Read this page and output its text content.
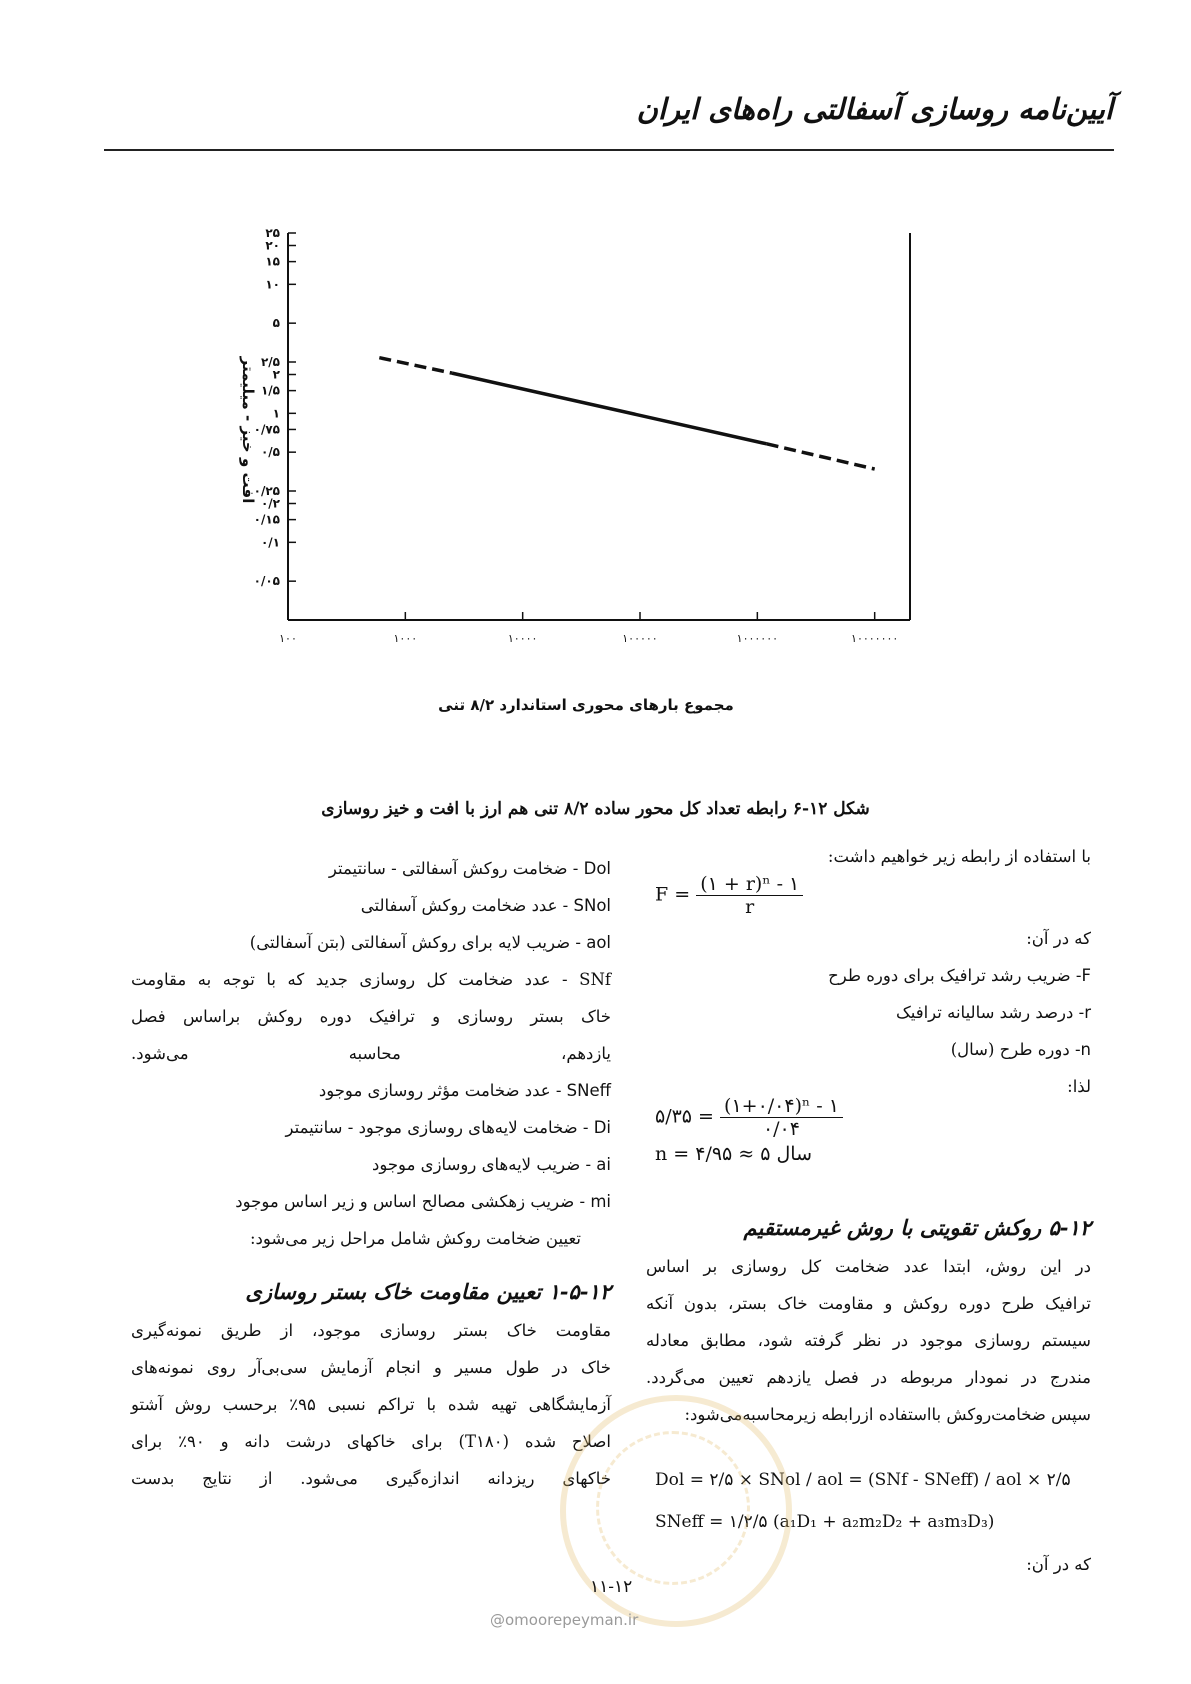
آیین‌نامه روسازی آسفالتی راه‌های ایران
۲۵
۲۰
۱۵
۱۰
۵
۲/۵
۲
۱/۵
۱
۰/۷۵
۰/۵
۰/۲۵
۰/۲
۰/۱۵
۰/۱
۰/۰۵
۱۰۰	۱۰۰۰	۱۰۰۰۰	۱۰۰۰۰۰	۱۰۰۰۰۰۰	۱۰۰۰۰۰۰۰
افت و خیز - میلیمتر
مجموع بارهای محوری استاندارد ۸/۲ تنی
شکل ۱۲-۶ رابطه تعداد کل محور ساده ۸/۲ تنی هم ارز با افت و خیز روسازی

با استفاده از رابطه زیر خواهیم داشت:

$F = \frac{\text{(۱ + r)ⁿ - ۱}}{r}$

که در آن:

F- ضریب رشد ترافیک برای دوره طرح

r- درصد رشد سالیانه ترافیک

n- دوره طرح (سال)

لذا:

۵/۳۵ = $\frac{\text{(۱+۰/۰۴)ⁿ - ۱}}{۰/۰۴}$
n = ۴/۹۵ ≈ ۵ سال

۵-۱۲ روکش تقویتی با روش غیرمستقیم

در این روش، ابتدا عدد ضخامت کل روسازی بر اساس

ترافیک طرح دوره روکش و مقاومت خاک بستر، بدون آنکه

سیستم روسازی موجود در نظر گرفته شود، مطابق معادله

مندرج در نمودار مربوطه در فصل یازدهم تعیین می‌گردد.

سپس ضخامت‌روکش بااستفاده ازرابطه زیرمحاسبه‌می‌شود:

Dol = ۲/۵ × SNol / aol = (SNf - SNeff) / aol × ۲/۵
SNeff = ۱/۲/۵ (a₁D₁ + a₂m₂D₂ + a₃m₃D₃)

که در آن:

Dol - ضخامت روکش آسفالتی - سانتیمتر

SNol - عدد ضخامت روکش آسفالتی

aol - ضریب لایه برای روکش آسفالتی (بتن آسفالتی)

SNf - عدد ضخامت کل روسازی جدید که با توجه به مقاومت

خاک بستر روسازی و ترافیک دوره روکش براساس فصل

یازدهم، محاسبه می‌شود.

SNeff - عدد ضخامت مؤثر روسازی موجود

Di - ضخامت لایه‌های روسازی موجود - سانتیمتر

ai - ضریب لایه‌های روسازی موجود

mi - ضریب زهکشی مصالح اساس و زیر اساس موجود

تعیین ضخامت روکش شامل مراحل زیر می‌شود:

۱-۵-۱۲ تعیین مقاومت خاک بستر روسازی

مقاومت خاک بستر روسازی موجود، از طریق نمونه‌گیری

خاک در طول مسیر و انجام آزمایش سی‌بی‌آر روی نمونه‌های

آزمایشگاهی تهیه شده با تراکم نسبی ۹۵٪ برحسب روش آشتو

اصلاح شده (T۱۸۰) برای خاکهای درشت دانه و ۹۰٪ برای

خاکهای ریزدانه اندازه‌گیری می‌شود. از نتایج بدست

۱۱-۱۲
@omoorepeyman.ir
